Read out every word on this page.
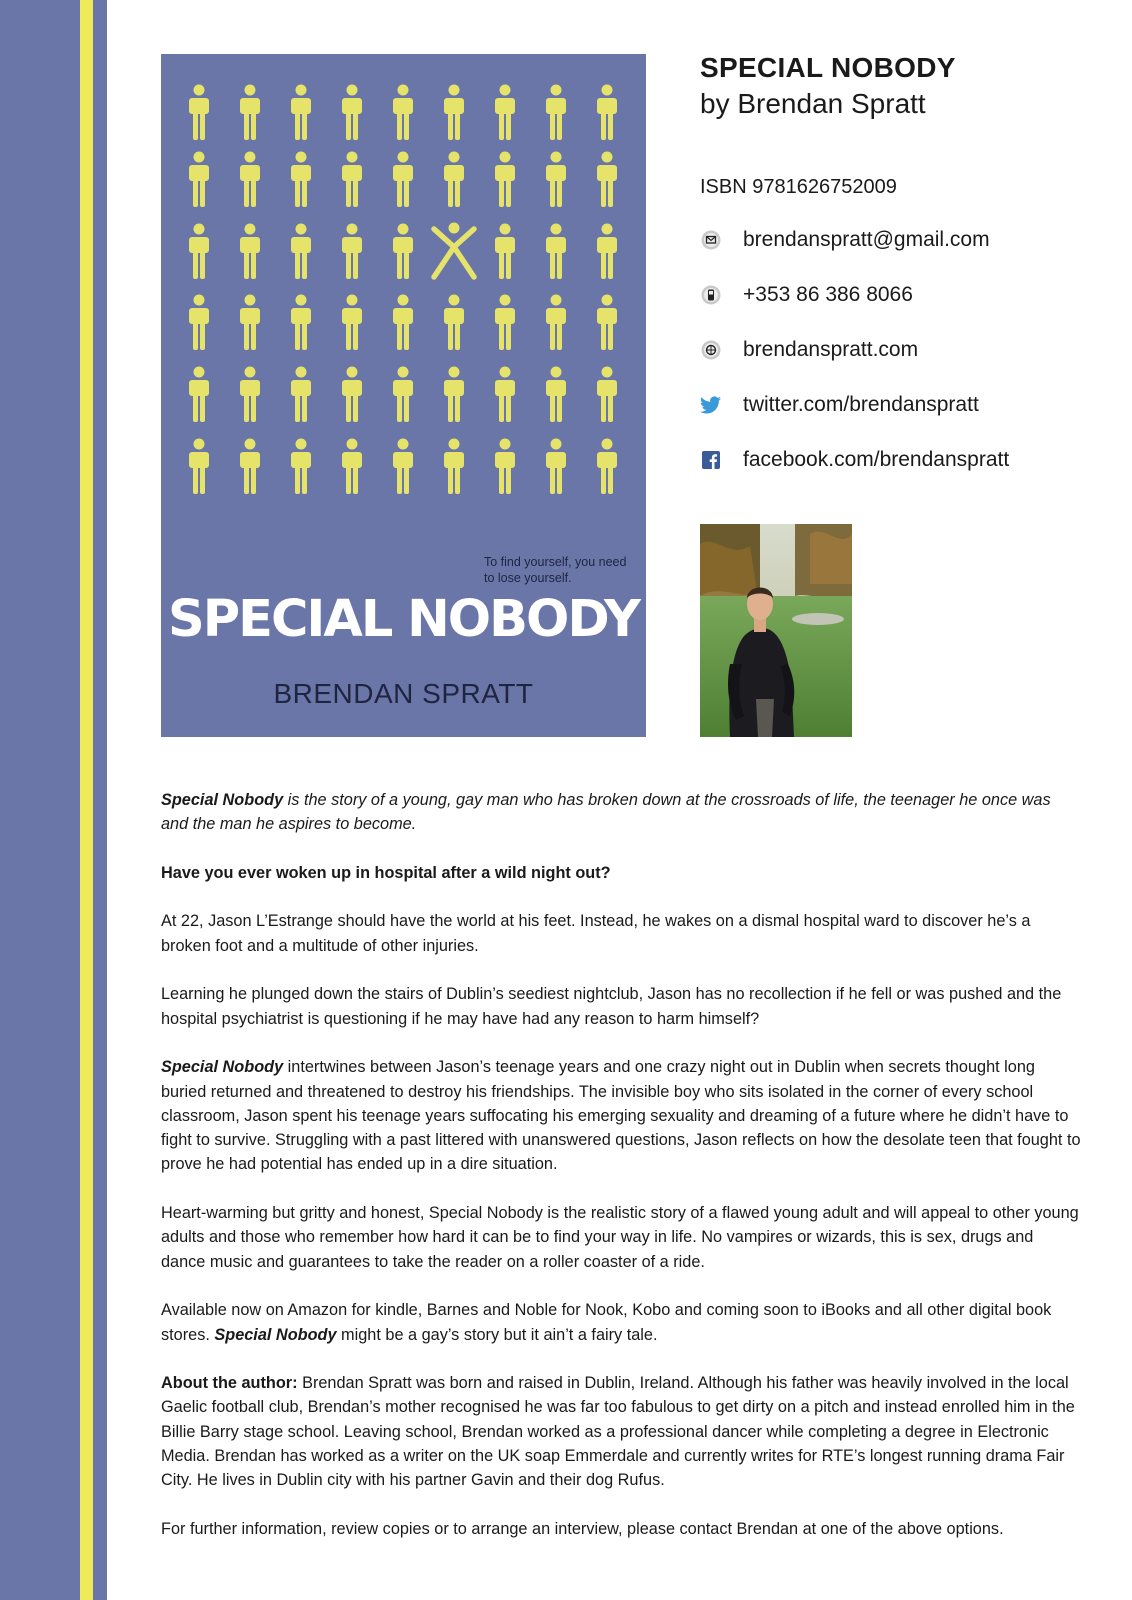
To find yourself, you need to lose yourself.
SPECIAL NOBODY
BRENDAN SPRATT
SPECIAL NOBODY
by Brendan Spratt
ISBN 9781626752009
brendanspratt@gmail.com
+353 86 386 8066
brendanspratt.com
twitter.com/brendanspratt
facebook.com/brendanspratt

Special Nobody is the story of a young, gay man who has broken down at the crossroads of life, the teenager he once was and the man he aspires to become.

Have you ever woken up in hospital after a wild night out?

At 22, Jason L’Estrange should have the world at his feet. Instead, he wakes on a dismal hospital ward to discover he’s a broken foot and a multitude of other injuries.

Learning he plunged down the stairs of Dublin’s seediest nightclub, Jason has no recollection if he fell or was pushed and the hospital psychiatrist is questioning if he may have had any reason to harm himself?

Special Nobody intertwines between Jason’s teenage years and one crazy night out in Dublin when secrets thought long buried returned and threatened to destroy his friendships. The invisible boy who sits isolated in the corner of every school classroom, Jason spent his teenage years suffocating his emerging sexuality and dreaming of a future where he didn’t have to fight to survive. Struggling with a past littered with unanswered questions, Jason reflects on how the desolate teen that fought to prove he had potential has ended up in a dire situation.

Heart-warming but gritty and honest, Special Nobody is the realistic story of a flawed young adult and will appeal to other young adults and those who remember how hard it can be to find your way in life. No vampires or wizards, this is sex, drugs and dance music and guarantees to take the reader on a roller coaster of a ride.

Available now on Amazon for kindle, Barnes and Noble for Nook, Kobo and coming soon to iBooks and all other digital book stores. Special Nobody might be a gay’s story but it ain’t a fairy tale.

About the author: Brendan Spratt was born and raised in Dublin, Ireland. Although his father was heavily involved in the local Gaelic football club, Brendan’s mother recognised he was far too fabulous to get dirty on a pitch and instead enrolled him in the Billie Barry stage school. Leaving school, Brendan worked as a professional dancer while completing a degree in Electronic Media. Brendan has worked as a writer on the UK soap Emmerdale and currently writes for RTE’s longest running drama Fair City. He lives in Dublin city with his partner Gavin and their dog Rufus.

For further information, review copies or to arrange an interview, please contact Brendan at one of the above options.
